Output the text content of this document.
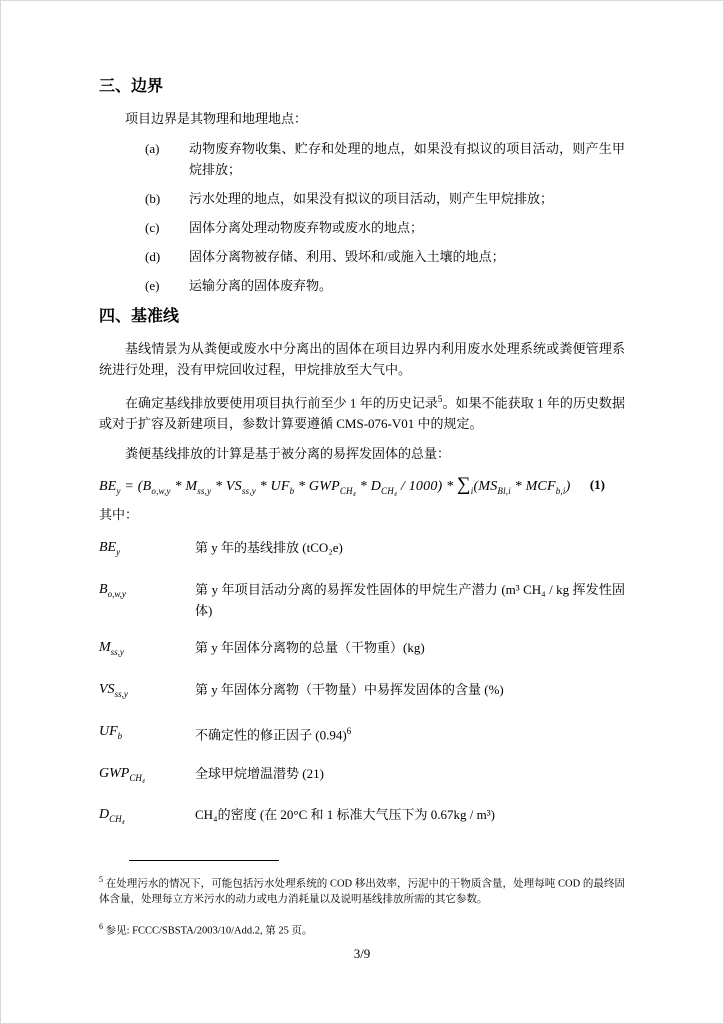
三、边界

项目边界是其物理和地理地点：

(a)	动物废弃物收集、贮存和处理的地点，如果没有拟议的项目活动，则产生甲烷排放；
(b)	污水处理的地点，如果没有拟议的项目活动，则产生甲烷排放；
(c)	固体分离处理动物废弃物或废水的地点；
(d)	固体分离物被存储、利用、毁坏和/或施入土壤的地点；
(e)	运输分离的固体废弃物。
四、基准线

基线情景为从粪便或废水中分离出的固体在项目边界内利用废水处理系统或粪便管理系统进行处理，没有甲烷回收过程，甲烷排放至大气中。

在确定基线排放要使用项目执行前至少 1 年的历史记录$^5$。如果不能获取 1 年的历史数据或对于扩容及新建项目，参数计算要遵循 CMS-076-V01 中的规定。

粪便基线排放的计算是基于被分离的易挥发固体的总量：

$BE_y = (B_{o,w,y} * M_{ss,y} * VS_{ss,y} * UF_b * GWP_{CH_4} * D_{CH_4} / 1000) * \sum_i(MS_{Bl,i} * MCF_{b,i})$ (1)
其中：
$BE_y$	第 y 年的基线排放 (tCO₂e)
$B_{o,w,y}$	第 y 年项目活动分离的易挥发性固体的甲烷生产潜力 (m³ CH₄ / kg 挥发性固体)
$M_{ss,y}$	第 y 年固体分离物的总量（干物重）(kg)
$VS_{ss,y}$	第 y 年固体分离物（干物量）中易挥发固体的含量 (%)
$UF_b$	不确定性的修正因子 $(0.94)^6$
$GWP_{CH_4}$	全球甲烷增温潜势 (21)
$D_{CH_4}$	CH₄的密度 (在 20°C 和 1 标准大气压下为 0.67kg / m³)

$^5$ 在处理污水的情况下，可能包括污水处理系统的 COD 移出效率，污泥中的干物质含量，处理每吨 COD 的最终固体含量，处理每立方米污水的动力或电力消耗量以及说明基线排放所需的其它参数。

$^6$ 参见: FCCC/SBSTA/2003/10/Add.2, 第 25 页。

3/9
